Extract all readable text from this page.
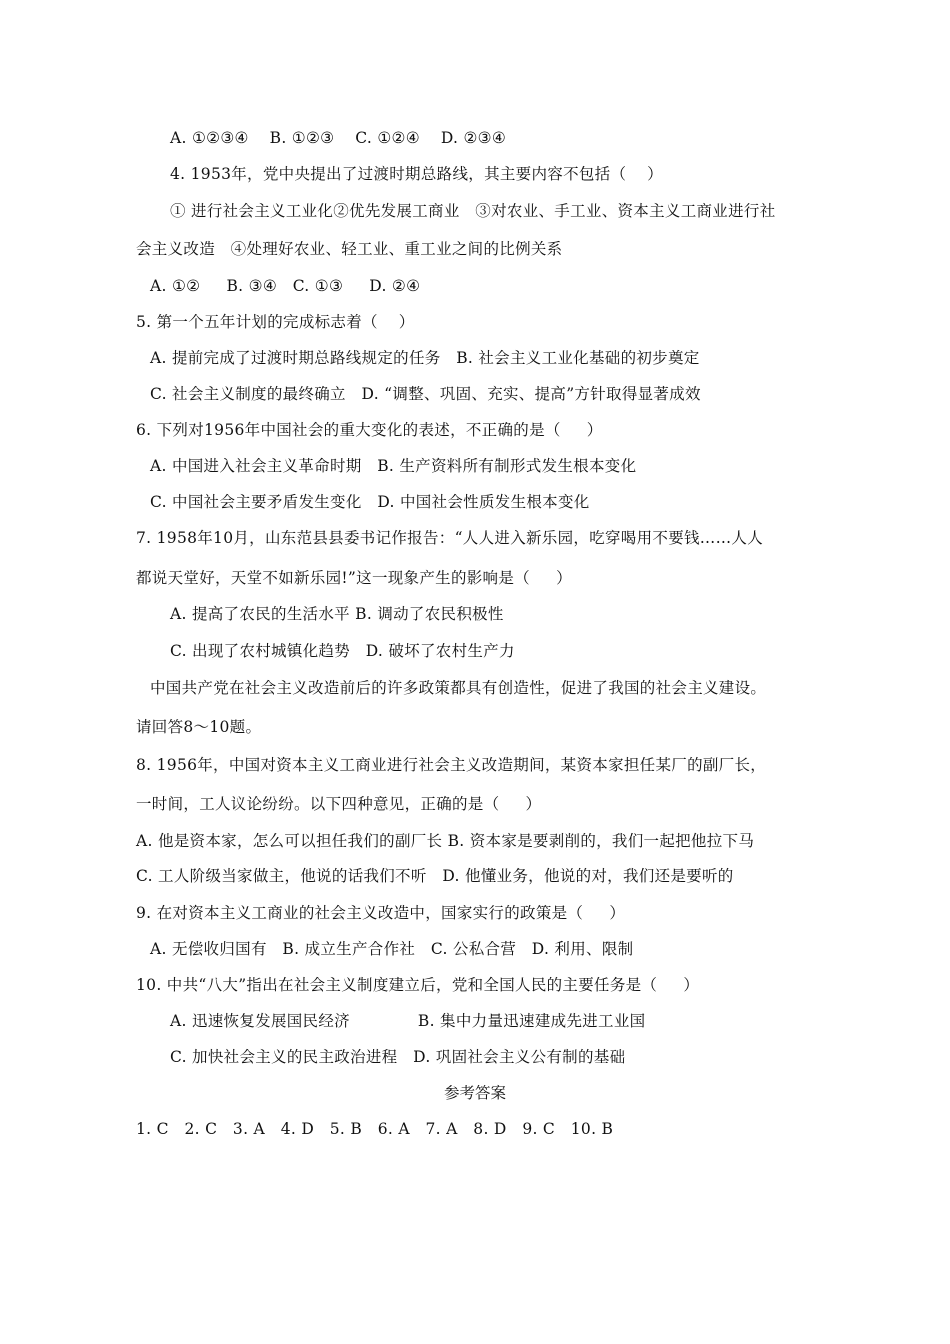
A. ①②③④    B. ①②③    C. ①②④    D. ②③④
4. 1953年，党中央提出了过渡时期总路线，其主要内容不包括（    ）
① 进行社会主义工业化②优先发展工商业   ③对农业、手工业、资本主义工商业进行社
会主义改造   ④处理好农业、轻工业、重工业之间的比例关系
A. ①②     B. ③④   C. ①③     D. ②④
5. 第一个五年计划的完成标志着（    ）
A. 提前完成了过渡时期总路线规定的任务   B. 社会主义工业化基础的初步奠定
C. 社会主义制度的最终确立   D. “调整、巩固、充实、提高”方针取得显著成效
6. 下列对1956年中国社会的重大变化的表述，不正确的是（     ）
A. 中国进入社会主义革命时期   B. 生产资料所有制形式发生根本变化
C. 中国社会主要矛盾发生变化   D. 中国社会性质发生根本变化
7. 1958年10月，山东范县县委书记作报告：“人人进入新乐园，吃穿喝用不要钱……人人
都说天堂好，天堂不如新乐园!”这一现象产生的影响是（     ）
A. 提高了农民的生活水平 B. 调动了农民积极性
C. 出现了农村城镇化趋势   D. 破坏了农村生产力
中国共产党在社会主义改造前后的许多政策都具有创造性，促进了我国的社会主义建设。
请回答8～10题。
8. 1956年，中国对资本主义工商业进行社会主义改造期间，某资本家担任某厂的副厂长，
一时间，工人议论纷纷。以下四种意见，正确的是（     ）
A. 他是资本家，怎么可以担任我们的副厂长 B. 资本家是要剥削的，我们一起把他拉下马
C. 工人阶级当家做主，他说的话我们不听   D. 他懂业务，他说的对，我们还是要听的
9. 在对资本主义工商业的社会主义改造中，国家实行的政策是（     ）
A. 无偿收归国有   B. 成立生产合作社   C. 公私合营   D. 利用、限制
10. 中共“八大”指出在社会主义制度建立后，党和全国人民的主要任务是（     ）
A. 迅速恢复发展国民经济             B. 集中力量迅速建成先进工业国
C. 加快社会主义的民主政治进程   D. 巩固社会主义公有制的基础
参考答案
1. C   2. C   3. A   4. D   5. B   6. A   7. A   8. D   9. C   10. B
